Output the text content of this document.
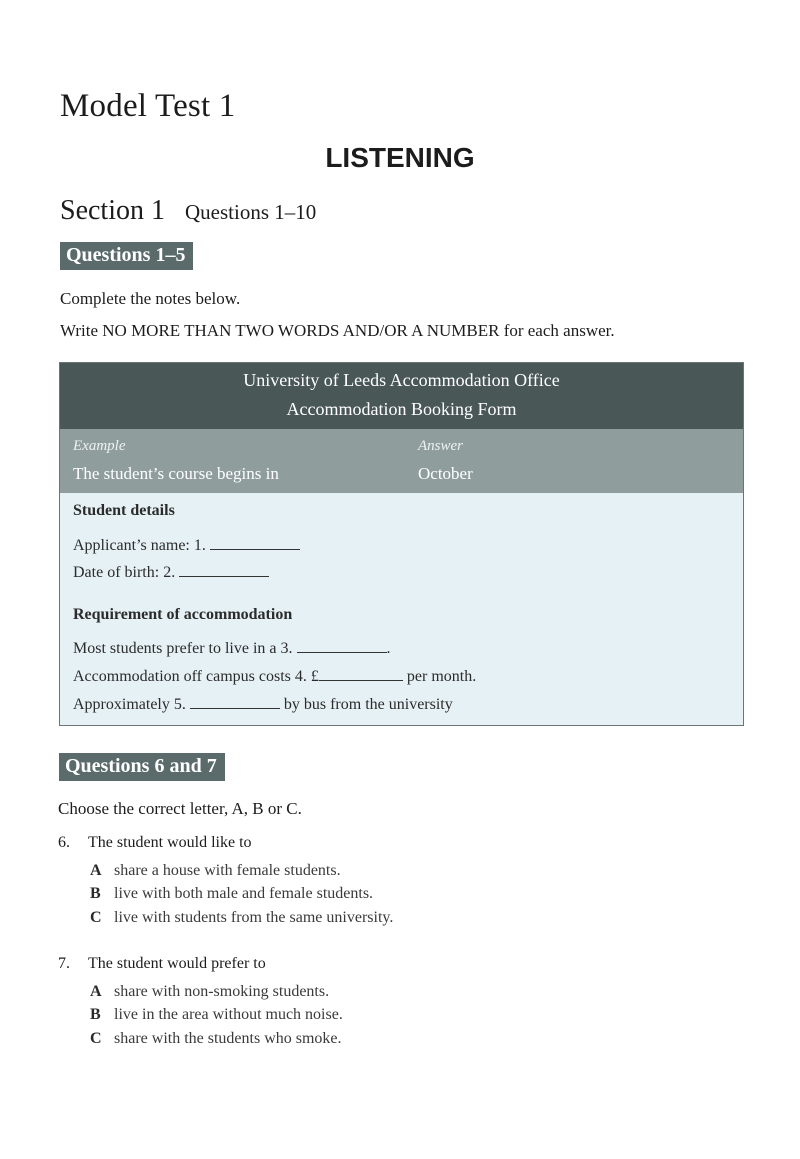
Model Test 1
LISTENING
Section 1 Questions 1–10
Questions 1–5
Complete the notes below.
Write NO MORE THAN TWO WORDS AND/OR A NUMBER for each answer.
University of Leeds Accommodation Office
Accommodation Booking Form
Example	Answer
The student’s course begins in	October
Student details
Applicant’s name: 1.
Date of birth: 2.
Requirement of accommodation
Most students prefer to live in a 3.	.
Accommodation off campus costs 4. £	per month.
Approximately 5.	by bus from the university
Questions 6 and 7
Choose the correct letter, A, B or C.
6. The student would like to
A share a house with female students.
B live with both male and female students.
C live with students from the same university.
7. The student would prefer to
A share with non-smoking students.
B live in the area without much noise.
C share with the students who smoke.
